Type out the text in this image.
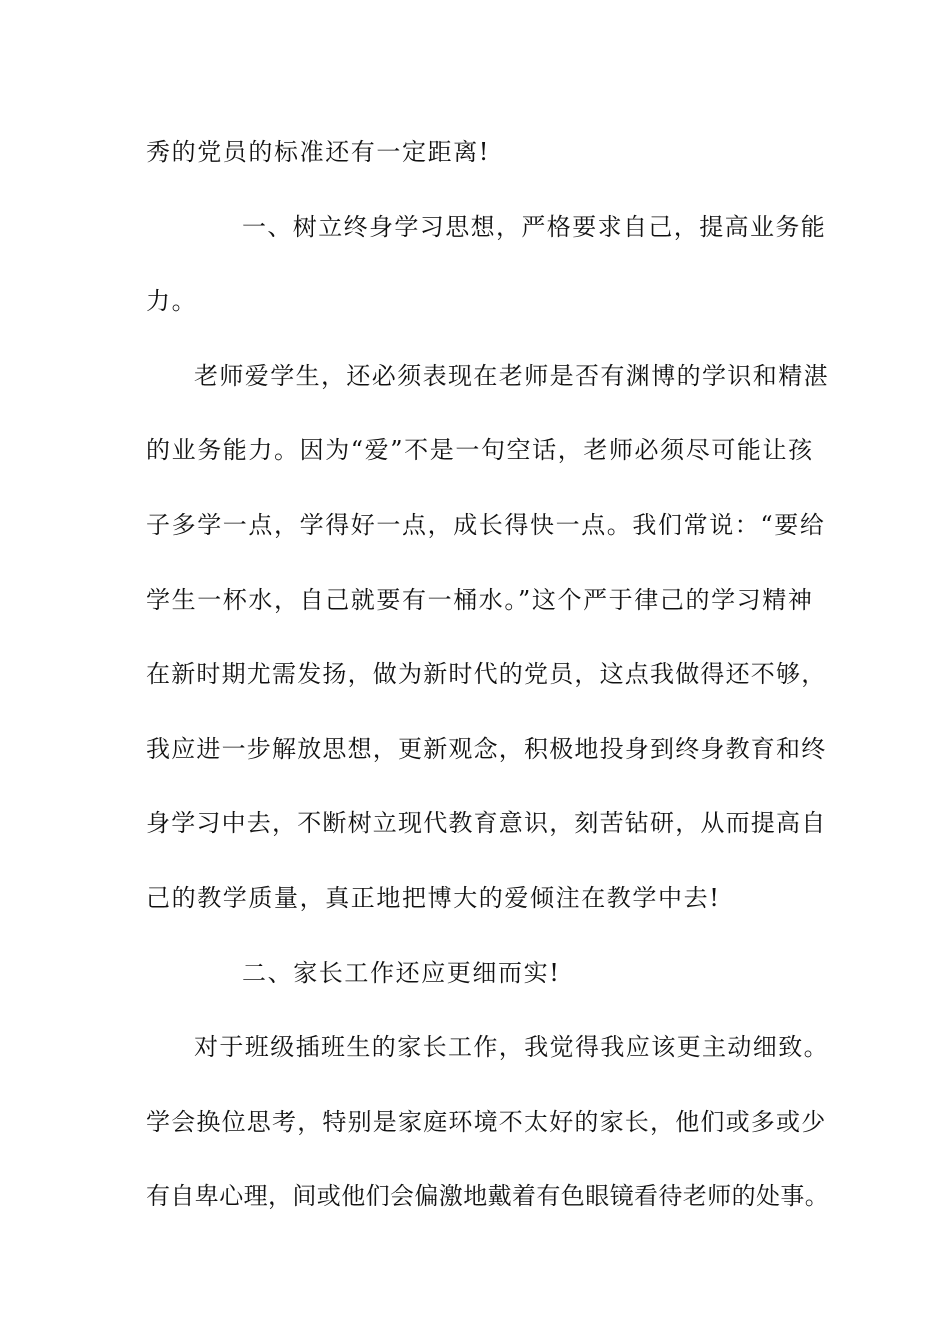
秀的党员的标准还有一定距离!
一、树立终身学习思想，严格要求自己，提高业务能
力。
老师爱学生，还必须表现在老师是否有渊博的学识和精湛
的业务能力。因为“爱”不是一句空话，老师必须尽可能让孩
子多学一点，学得好一点，成长得快一点。我们常说：“要给
学生一杯水，自己就要有一桶水。”这个严于律己的学习精神
在新时期尤需发扬，做为新时代的党员，这点我做得还不够，
我应进一步解放思想，更新观念，积极地投身到终身教育和终
身学习中去，不断树立现代教育意识，刻苦钻研，从而提高自
己的教学质量，真正地把博大的爱倾注在教学中去!
二、家长工作还应更细而实!
对于班级插班生的家长工作，我觉得我应该更主动细致。
学会换位思考，特别是家庭环境不太好的家长，他们或多或少
有自卑心理，间或他们会偏激地戴着有色眼镜看待老师的处事。
